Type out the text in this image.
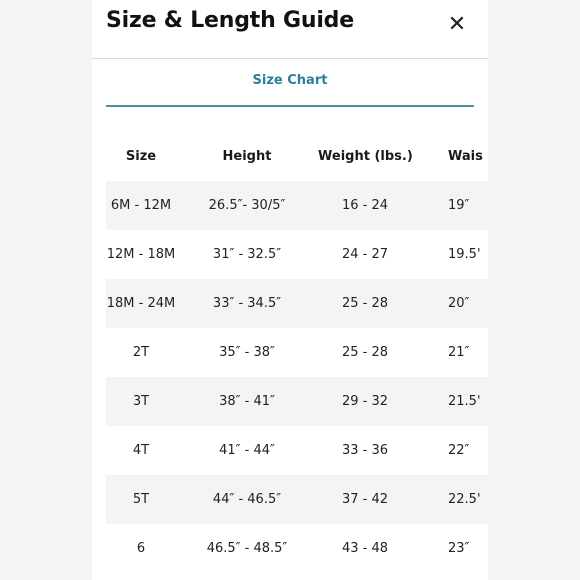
Size & Length Guide	✕
Size Chart
Size	Height	Weight (lbs.)	Wais
6M - 12M	26.5″- 30/5″	16 - 24	19″
12M - 18M	31″ - 32.5″	24 - 27	19.5'
18M - 24M	33″ - 34.5″	25 - 28	20″
2T	35″ - 38″	25 - 28	21″
3T	38″ - 41″	29 - 32	21.5'
4T	41″ - 44″	33 - 36	22″
5T	44″ - 46.5″	37 - 42	22.5'
6	46.5″ - 48.5″	43 - 48	23″
